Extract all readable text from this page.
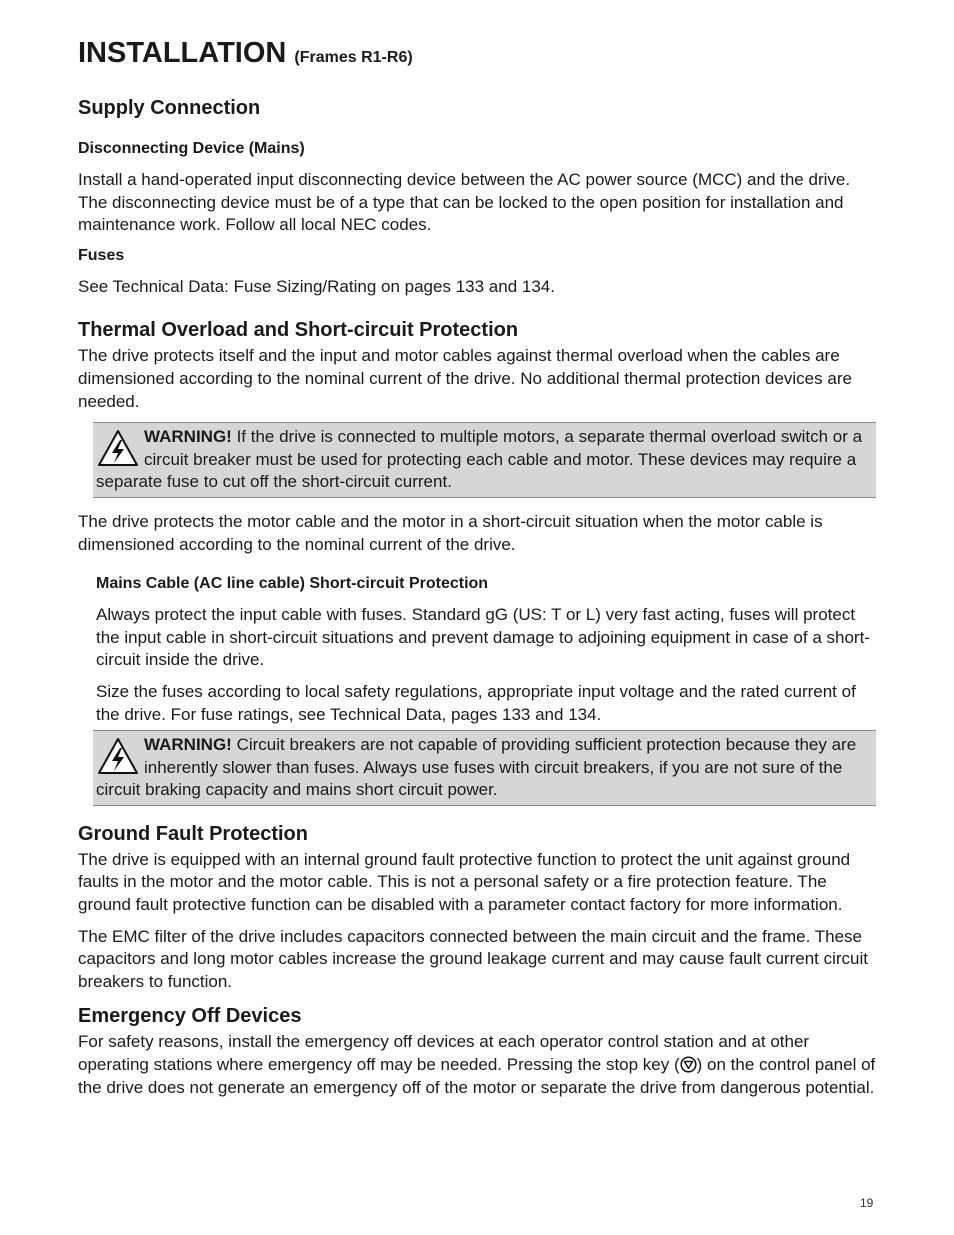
INSTALLATION (Frames R1-R6)
Supply Connection
Disconnecting Device (Mains)

Install a hand-operated input disconnecting device between the AC power source (MCC) and the drive. The disconnecting device must be of a type that can be locked to the open position for installation and maintenance work. Follow all local NEC codes.

Fuses

See Technical Data: Fuse Sizing/Rating on pages 133 and 134.

Thermal Overload and Short-circuit Protection

The drive protects itself and the input and motor cables against thermal overload when the cables are dimensioned according to the nominal current of the drive. No additional thermal protection devices are needed.

WARNING! If the drive is connected to multiple motors, a separate thermal overload switch or a circuit breaker must be used for protecting each cable and motor. These devices may require a separate fuse to cut off the short-circuit current.

The drive protects the motor cable and the motor in a short-circuit situation when the motor cable is dimensioned according to the nominal current of the drive.

Mains Cable (AC line cable) Short-circuit Protection

Always protect the input cable with fuses. Standard gG (US: T or L) very fast acting, fuses will protect the input cable in short-circuit situations and prevent damage to adjoining equipment in case of a short-circuit inside the drive.

Size the fuses according to local safety regulations, appropriate input voltage and the rated current of the drive. For fuse ratings, see Technical Data, pages 133 and 134.

WARNING! Circuit breakers are not capable of providing sufficient protection because they are inherently slower than fuses. Always use fuses with circuit breakers, if you are not sure of the circuit braking capacity and mains short circuit power.
Ground Fault Protection

The drive is equipped with an internal ground fault protective function to protect the unit against ground faults in the motor and the motor cable. This is not a personal safety or a fire protection feature. The ground fault protective function can be disabled with a parameter contact factory for more information.

The EMC filter of the drive includes capacitors connected between the main circuit and the frame. These capacitors and long motor cables increase the ground leakage current and may cause fault current circuit breakers to function.

Emergency Off Devices

For safety reasons, install the emergency off devices at each operator control station and at other operating stations where emergency off may be needed. Pressing the stop key ( ) on the control panel of the drive does not generate an emergency off of the motor or separate the drive from dangerous potential.

19
